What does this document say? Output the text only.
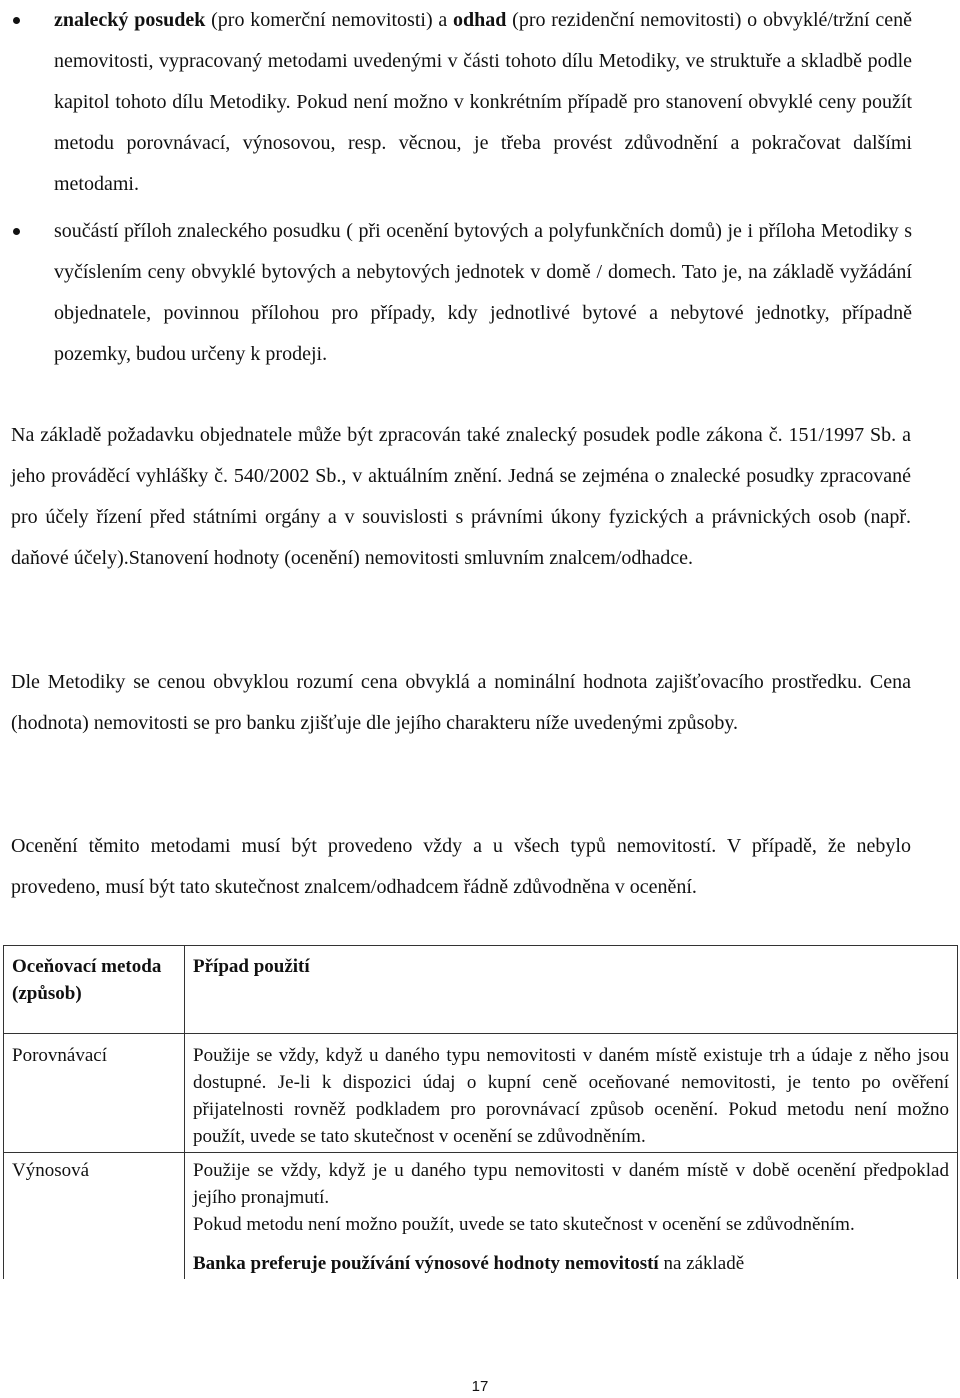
znalecký posudek (pro komerční nemovitosti) a odhad (pro rezidenční nemovitosti) o obvyklé/tržní ceně nemovitosti, vypracovaný metodami uvedenými v části tohoto dílu Metodiky, ve struktuře a skladbě podle kapitol tohoto dílu Metodiky. Pokud není možno v konkrétním případě pro stanovení obvyklé ceny použít metodu porovnávací, výnosovou, resp. věcnou, je třeba provést zdůvodnění a pokračovat dalšími metodami.
součástí příloh znaleckého posudku ( při ocenění bytových a polyfunkčních domů) je i příloha Metodiky s vyčíslením ceny obvyklé bytových a nebytových jednotek v domě / domech. Tato je, na základě vyžádání objednatele, povinnou přílohou pro případy, kdy jednotlivé bytové a nebytové jednotky, případně pozemky, budou určeny k prodeji.

Na základě požadavku objednatele může být zpracován také znalecký posudek podle zákona č. 151/1997 Sb. a jeho prováděcí vyhlášky č. 540/2002 Sb., v aktuálním znění. Jedná se zejména o znalecké posudky zpracované pro účely řízení před státními orgány a v souvislosti s právními úkony fyzických a právnických osob (např. daňové účely).Stanovení hodnoty (ocenění) nemovitosti smluvním znalcem/odhadce.

Dle Metodiky se cenou obvyklou rozumí cena obvyklá a nominální hodnota zajišťovacího prostředku. Cena (hodnota) nemovitosti se pro banku zjišťuje dle jejího charakteru níže uvedenými způsoby.

Ocenění těmito metodami musí být provedeno vždy a u všech typů nemovitostí. V případě, že nebylo provedeno, musí být tato skutečnost znalcem/odhadcem řádně zdůvodněna v ocenění.

Oceňovací metoda (způsob)	Případ použití
Porovnávací	Použije se vždy, když u daného typu nemovitosti v daném místě existuje trh a údaje z něho jsou dostupné. Je-li k dispozici údaj o kupní ceně oceňované nemovitosti, je tento po ověření přijatelnosti rovněž podkladem pro porovnávací způsob ocenění. Pokud metodu není možno použít, uvede se tato skutečnost v ocenění se zdůvodněním.
Výnosová	Použije se vždy, když je u daného typu nemovitosti v daném místě v době ocenění předpoklad jejího pronajmutí.
Pokud metodu není možno použít, uvede se tato skutečnost v ocenění se zdůvodněním.
Banka preferuje používání výnosové hodnoty nemovitostí na základě
17
